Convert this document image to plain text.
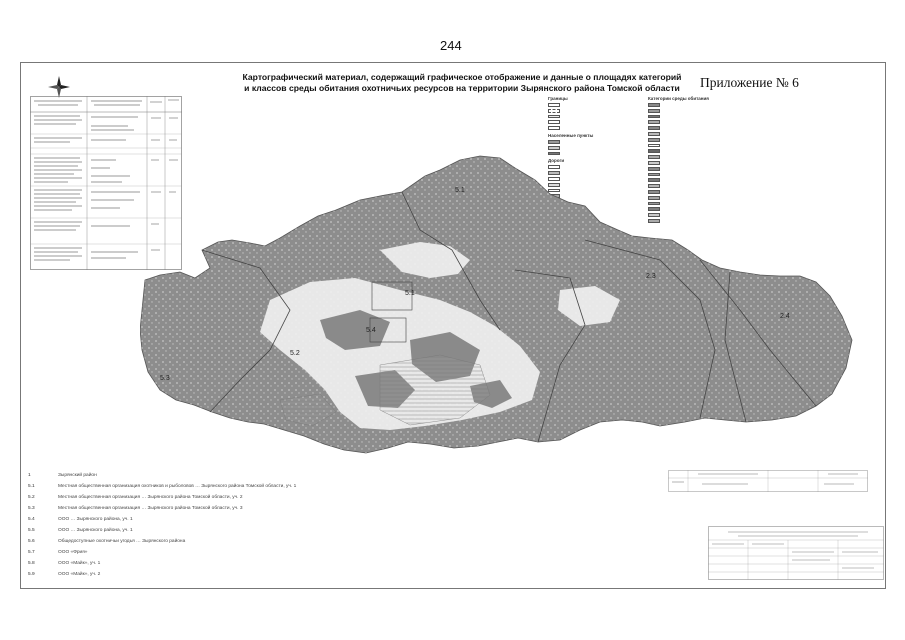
244
Картографический материал, содержащий графическое отображение и данные о площадях категорий
и классов среды обитания охотничьих ресурсов на территории Зырянского района Томской области	Приложение № 6
Границы
Населенные пункты
Дороги
Категории среды обитания
5.3
5.4
5.1
5.1
5.2
2.3
2.4
1	Зырянский район
5.1	Местная общественная организация охотников и рыболовов … Зырянского района Томской области, уч. 1
5.2	Местная общественная организация … Зырянского района Томской области, уч. 2
5.3	Местная общественная организация … Зырянского района Томской области, уч. 3
5.4	ООО … Зырянского района, уч. 1
5.5	ООО … Зырянского района, уч. 1
5.6	Общедоступные охотничьи угодья … Зырянского района
5.7	ООО «Фрия»
5.8	ООО «Майк», уч. 1
5.9	ООО «Майк», уч. 2
